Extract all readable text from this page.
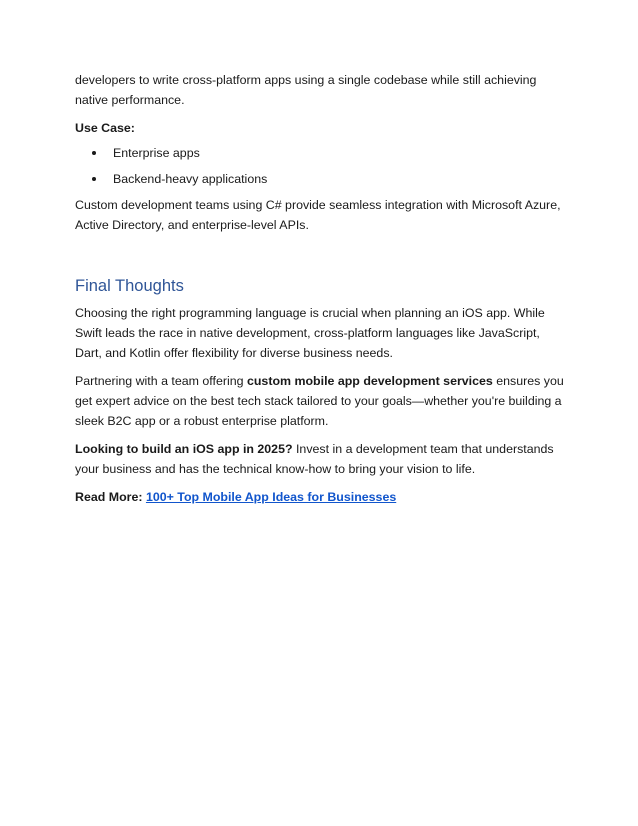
developers to write cross-platform apps using a single codebase while still achieving native performance.

Use Case:

Enterprise apps
Backend-heavy applications

Custom development teams using C# provide seamless integration with Microsoft Azure, Active Directory, and enterprise-level APIs.

Final Thoughts

Choosing the right programming language is crucial when planning an iOS app. While Swift leads the race in native development, cross-platform languages like JavaScript, Dart, and Kotlin offer flexibility for diverse business needs.

Partnering with a team offering custom mobile app development services ensures you get expert advice on the best tech stack tailored to your goals—whether you're building a sleek B2C app or a robust enterprise platform.

Looking to build an iOS app in 2025? Invest in a development team that understands your business and has the technical know-how to bring your vision to life.

Read More: 100+ Top Mobile App Ideas for Businesses
